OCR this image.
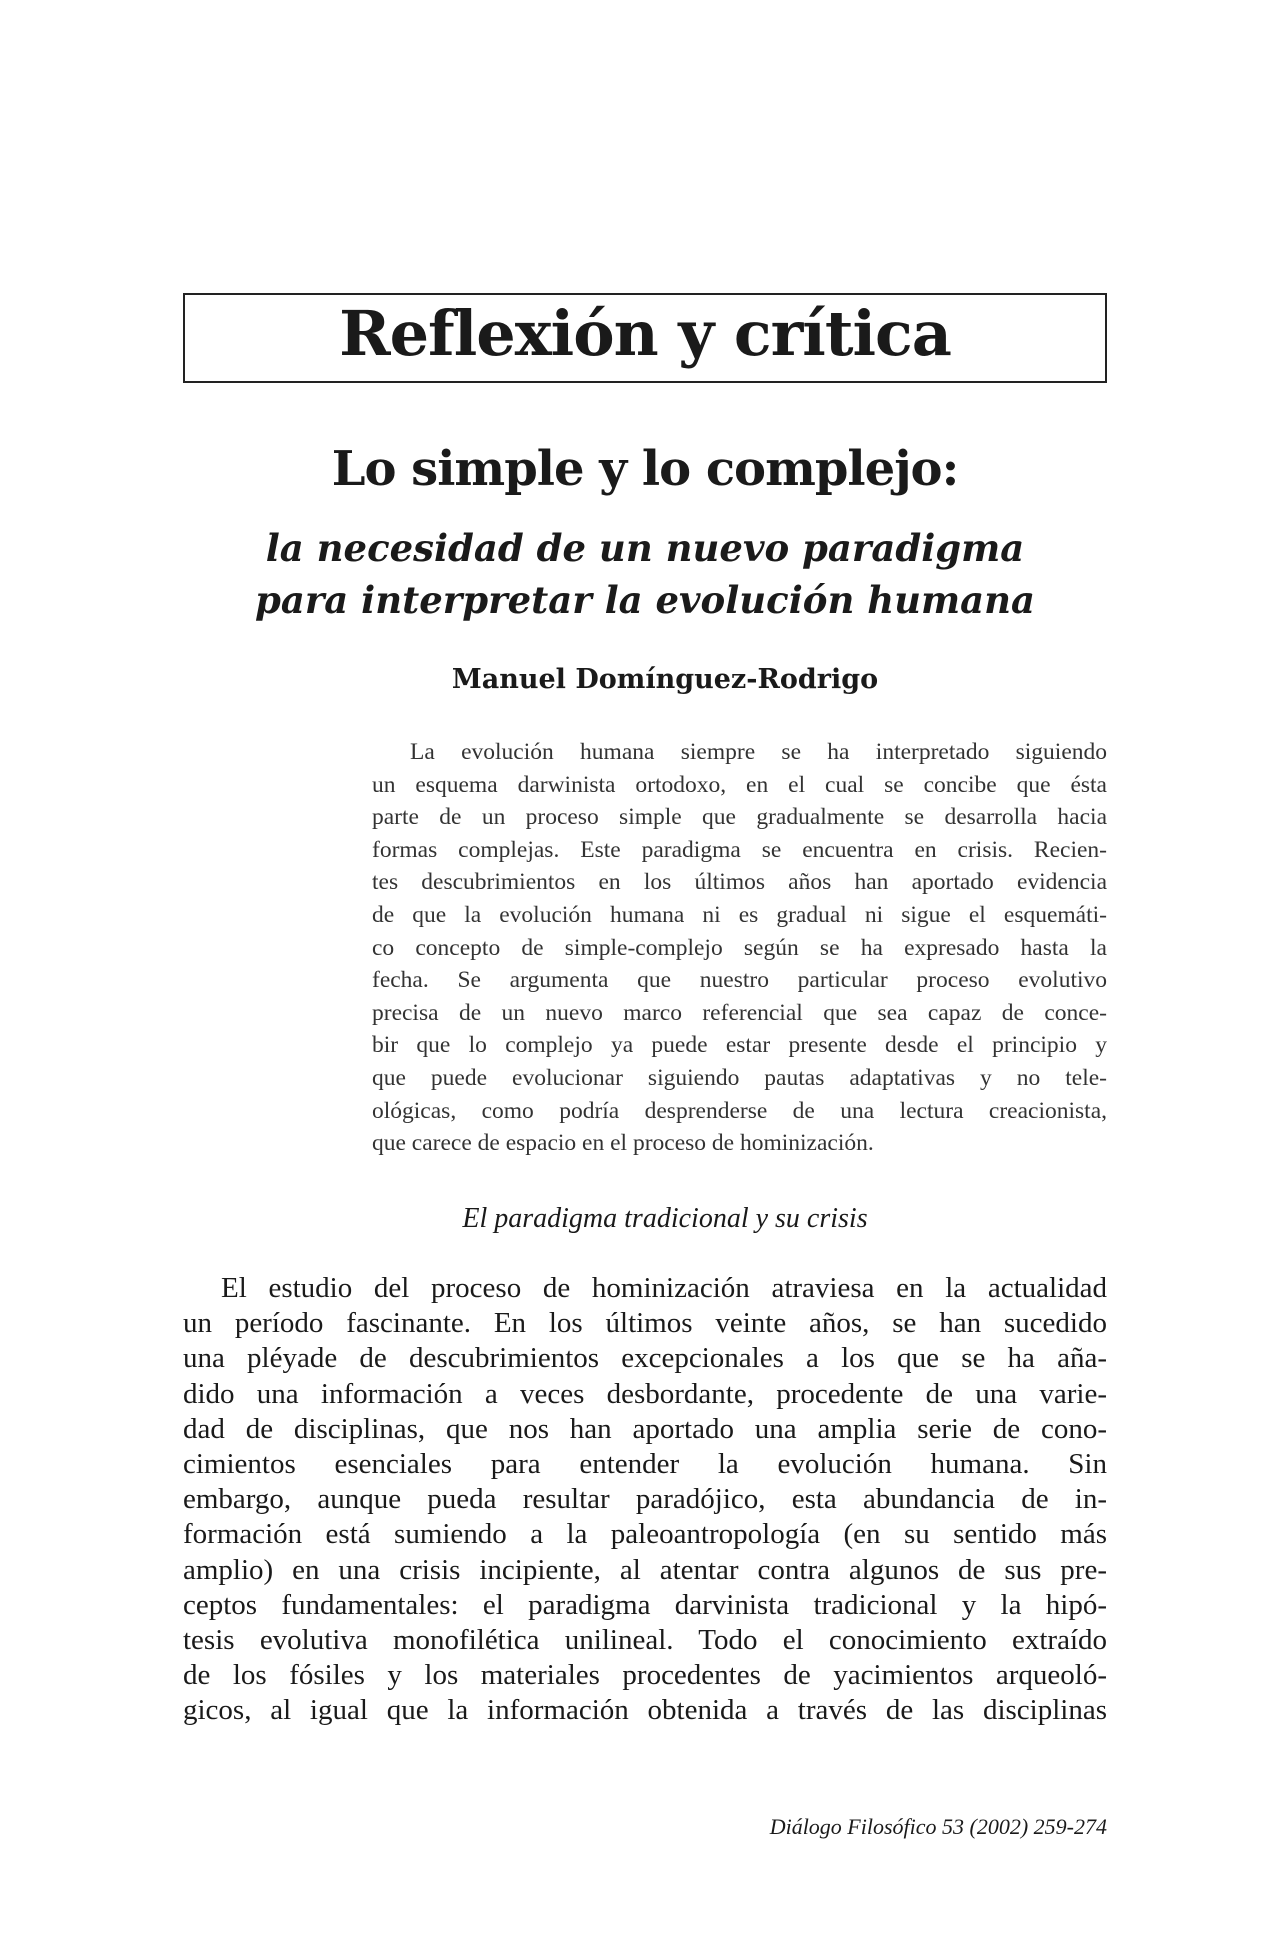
Reflexión y crítica
Lo simple y lo complejo:
la necesidad de un nuevo paradigma
para interpretar la evolución humana
Manuel Domínguez-Rodrigo
La evolución humana siempre se ha interpretado siguiendo
un esquema darwinista ortodoxo, en el cual se concibe que ésta
parte de un proceso simple que gradualmente se desarrolla hacia
formas complejas. Este paradigma se encuentra en crisis. Recien-
tes descubrimientos en los últimos años han aportado evidencia
de que la evolución humana ni es gradual ni sigue el esquemáti-
co concepto de simple-complejo según se ha expresado hasta la
fecha. Se argumenta que nuestro particular proceso evolutivo
precisa de un nuevo marco referencial que sea capaz de conce-
bir que lo complejo ya puede estar presente desde el principio y
que puede evolucionar siguiendo pautas adaptativas y no tele-
ológicas, como podría desprenderse de una lectura creacionista,
que carece de espacio en el proceso de hominización.
El paradigma tradicional y su crisis
El estudio del proceso de hominización atraviesa en la actualidad
un período fascinante. En los últimos veinte años, se han sucedido
una pléyade de descubrimientos excepcionales a los que se ha aña-
dido una información a veces desbordante, procedente de una varie-
dad de disciplinas, que nos han aportado una amplia serie de cono-
cimientos esenciales para entender la evolución humana. Sin
embargo, aunque pueda resultar paradójico, esta abundancia de in-
formación está sumiendo a la paleoantropología (en su sentido más
amplio) en una crisis incipiente, al atentar contra algunos de sus pre-
ceptos fundamentales: el paradigma darvinista tradicional y la hipó-
tesis evolutiva monofilética unilineal. Todo el conocimiento extraído
de los fósiles y los materiales procedentes de yacimientos arqueoló-
gicos, al igual que la información obtenida a través de las disciplinas
Diálogo Filosófico 53 (2002) 259-274
